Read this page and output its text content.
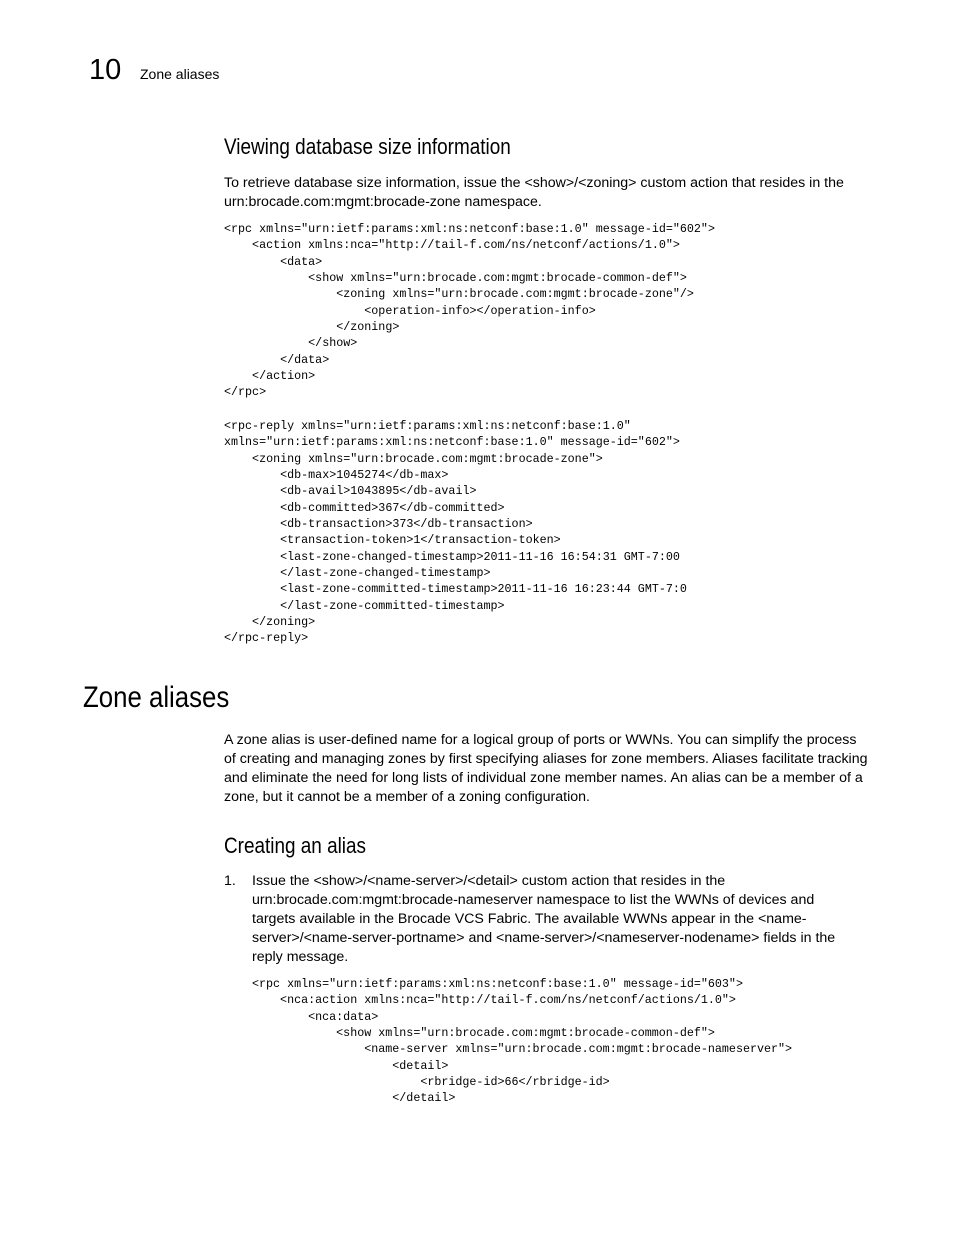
10 Zone aliases
Viewing database size information
To retrieve database size information, issue the <show>/<zoning> custom action that resides in the urn:brocade.com:mgmt:brocade-zone namespace.
<rpc xmlns="urn:ietf:params:xml:ns:netconf:base:1.0" message-id="602">
<action xmlns:nca="http://tail-f.com/ns/netconf/actions/1.0">
<data>
<show xmlns="urn:brocade.com:mgmt:brocade-common-def">
<zoning xmlns="urn:brocade.com:mgmt:brocade-zone"/>
<operation-info></operation-info>
</zoning>
</show>
</data>
</action>
</rpc>
<rpc-reply xmlns="urn:ietf:params:xml:ns:netconf:base:1.0"
xmlns="urn:ietf:params:xml:ns:netconf:base:1.0" message-id="602">
<zoning xmlns="urn:brocade.com:mgmt:brocade-zone">
<db-max>1045274</db-max>
<db-avail>1043895</db-avail>
<db-committed>367</db-committed>
<db-transaction>373</db-transaction>
<transaction-token>1</transaction-token>
<last-zone-changed-timestamp>2011-11-16 16:54:31 GMT-7:00
</last-zone-changed-timestamp>
<last-zone-committed-timestamp>2011-11-16 16:23:44 GMT-7:0
</last-zone-committed-timestamp>
</zoning>
</rpc-reply>
Zone aliases
A zone alias is user-defined name for a logical group of ports or WWNs. You can simplify the process of creating and managing zones by first specifying aliases for zone members. Aliases facilitate tracking and eliminate the need for long lists of individual zone member names. An alias can be a member of a zone, but it cannot be a member of a zoning configuration.
Creating an alias
1. Issue the <show>/<name-server>/<detail> custom action that resides in the urn:brocade.com:mgmt:brocade-nameserver namespace to list the WWNs of devices and targets available in the Brocade VCS Fabric. The available WWNs appear in the <name-server>/<name-server-portname> and <name-server>/<nameserver-nodename> fields in the reply message.
<rpc xmlns="urn:ietf:params:xml:ns:netconf:base:1.0" message-id="603">
<nca:action xmlns:nca="http://tail-f.com/ns/netconf/actions/1.0">
<nca:data>
<show xmlns="urn:brocade.com:mgmt:brocade-common-def">
<name-server xmlns="urn:brocade.com:mgmt:brocade-nameserver">
<detail>
<rbridge-id>66</rbridge-id>
</detail>
